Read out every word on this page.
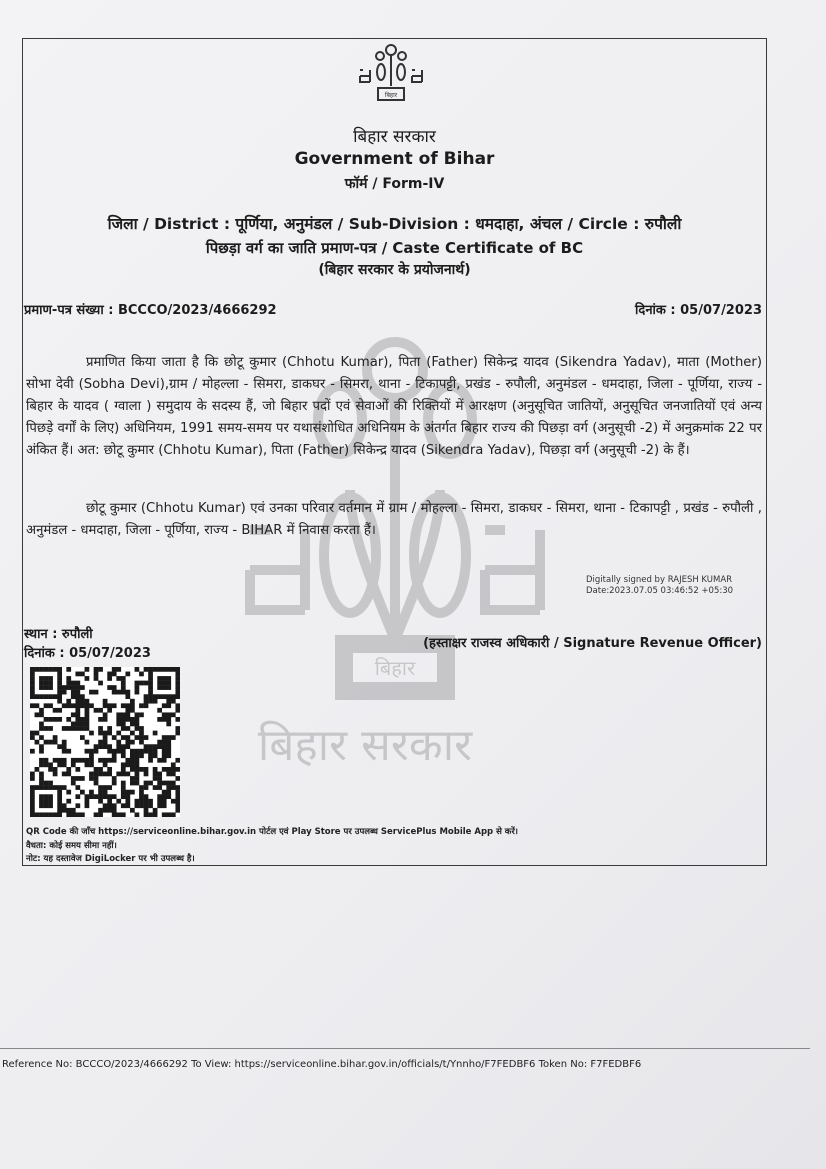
बिहार
बिहार सरकार
बिहार
बिहार सरकार
Government of Bihar
फॉर्म / Form-IV
जिला / District : पूर्णिया, अनुमंडल / Sub-Division : धमदाहा, अंचल / Circle : रुपौली
पिछड़ा वर्ग का जाति प्रमाण-पत्र / Caste Certificate of BC
(बिहार सरकार के प्रयोजनार्थ)
प्रमाण-पत्र संख्या : BCCCO/2023/4666292	दिनांक : 05/07/2023
प्रमाणित किया जाता है कि छोटू कुमार (Chhotu Kumar), पिता (Father) सिकेन्द्र यादव (Sikendra Yadav), माता (Mother) सोभा देवी (Sobha Devi),ग्राम / मोहल्ला - सिमरा, डाकघर - सिमरा, थाना - टिकापट्टी, प्रखंड - रुपौली, अनुमंडल - धमदाहा, जिला - पूर्णिया, राज्य - बिहार के यादव ( ग्वाला ) समुदाय के सदस्य हैं, जो बिहार पदों एवं सेवाओं की रिक्तियों में आरक्षण (अनुसूचित जातियों, अनुसूचित जनजातियों एवं अन्य पिछड़े वर्गों के लिए) अधिनियम, 1991 समय-समय पर यथासंशोधित अधिनियम के अंतर्गत बिहार राज्य की पिछड़ा वर्ग (अनुसूची -2) में अनुक्रमांक 22 पर अंकित हैं। अत: छोटू कुमार (Chhotu Kumar), पिता (Father) सिकेन्द्र यादव (Sikendra Yadav), पिछड़ा वर्ग (अनुसूची -2) के हैं।
छोटू कुमार (Chhotu Kumar) एवं उनका परिवार वर्तमान में ग्राम / मोहल्ला - सिमरा, डाकघर - सिमरा, थाना - टिकापट्टी , प्रखंड - रुपौली , अनुमंडल - धमदाहा, जिला - पूर्णिया, राज्य - BIHAR में निवास करता हैं।
Digitally signed by RAJESH KUMAR
Date:2023.07.05 03:46:52 +05:30
स्थान : रुपौली
दिनांक : 05/07/2023
(हस्ताक्षर राजस्व अधिकारी / Signature Revenue Officer)
QR Code की जाँच https://serviceonline.bihar.gov.in पोर्टल एवं Play Store पर उपलब्ध ServicePlus Mobile App से करें।
वैधता: कोई समय सीमा नहीं।
नोट: यह दस्तावेज DigiLocker पर भी उपलब्ध है।
Reference No: BCCCO/2023/4666292 To View: https://serviceonline.bihar.gov.in/officials/t/Ynnho/F7FEDBF6 Token No: F7FEDBF6
